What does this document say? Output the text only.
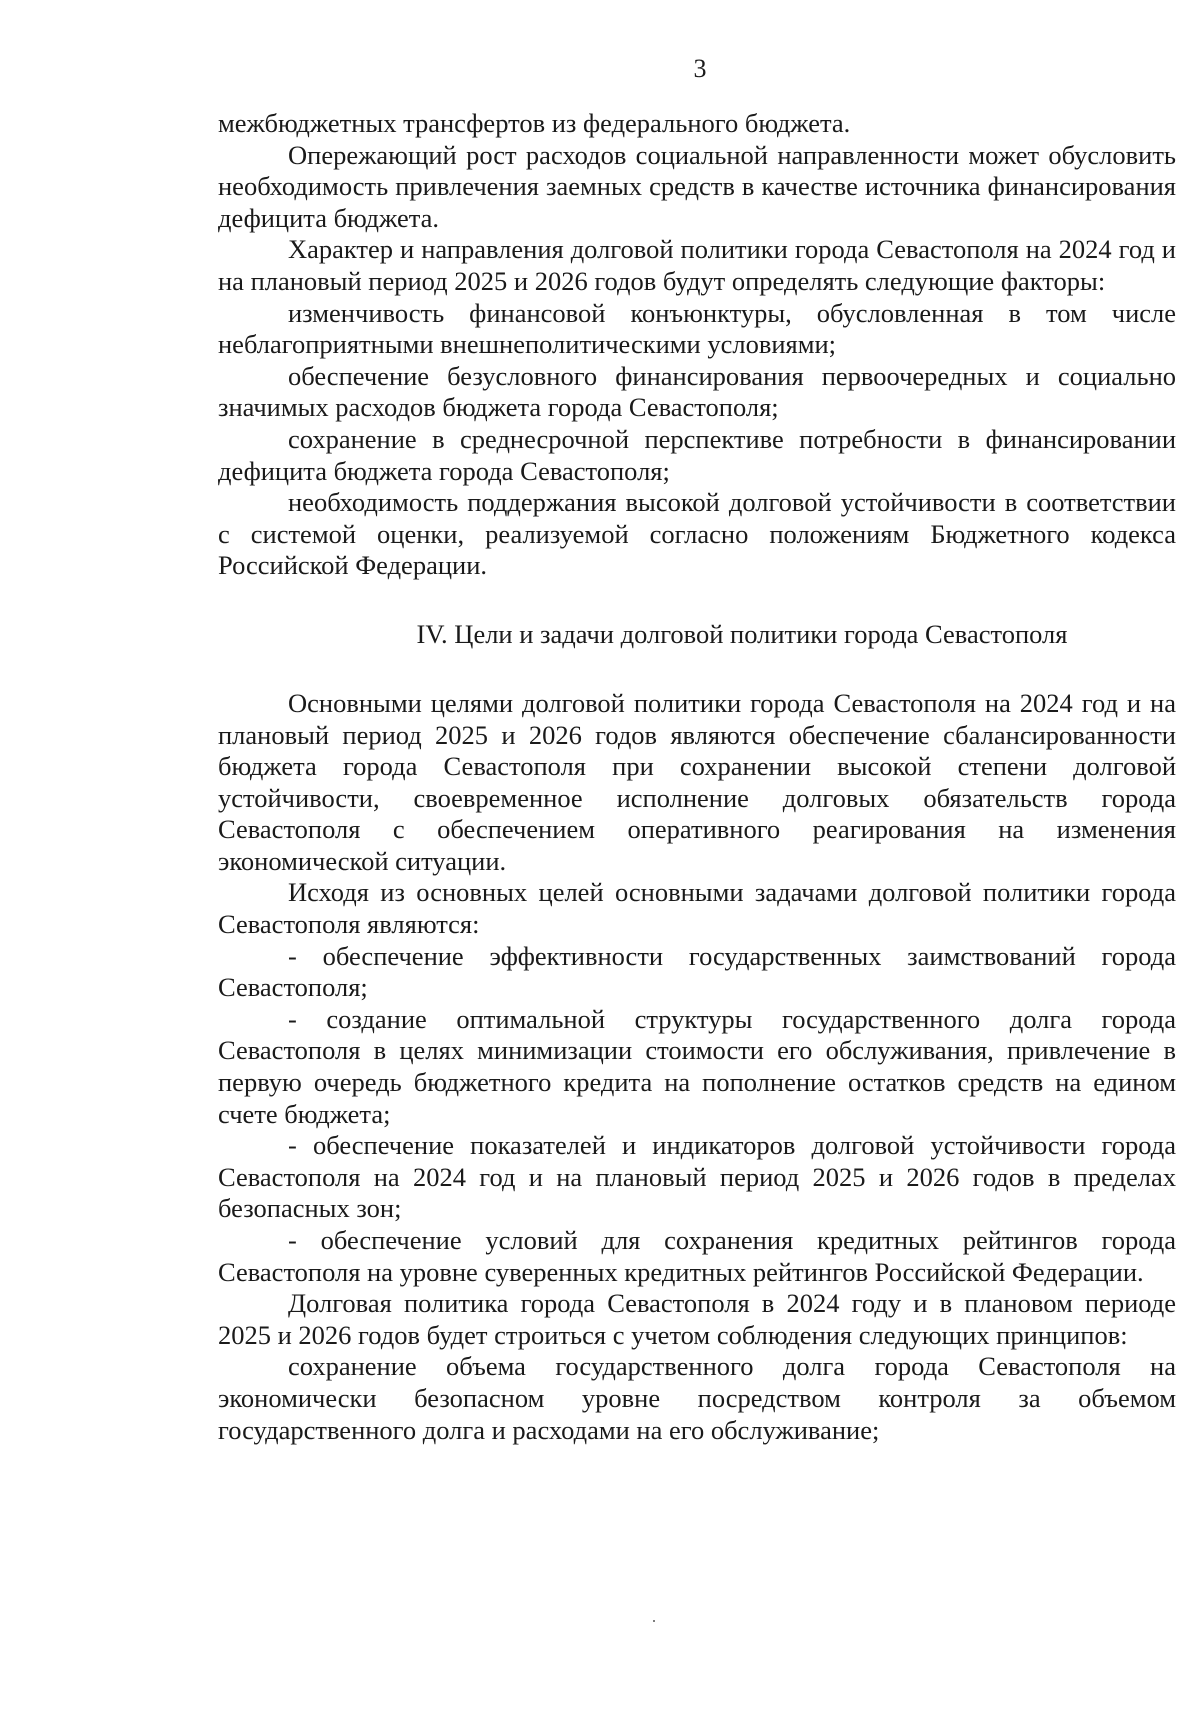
3

межбюджетных трансфертов из федерального бюджета.

Опережающий рост расходов социальной направленности может обусловить необходимость привлечения заемных средств в качестве источника финансирования дефицита бюджета.

Характер и направления долговой политики города Севастополя на 2024 год и на плановый период 2025 и 2026 годов будут определять следующие факторы:

изменчивость финансовой конъюнктуры, обусловленная в том числе неблагоприятными внешнеполитическими условиями;

обеспечение безусловного финансирования первоочередных и социально значимых расходов бюджета города Севастополя;

сохранение в среднесрочной перспективе потребности в финансировании дефицита бюджета города Севастополя;

необходимость поддержания высокой долговой устойчивости в соответствии с системой оценки, реализуемой согласно положениям Бюджетного кодекса Российской Федерации.

IV. Цели и задачи долговой политики города Севастополя

Основными целями долговой политики города Севастополя на 2024 год и на плановый период 2025 и 2026 годов являются обеспечение сбалансированности бюджета города Севастополя при сохранении высокой степени долговой устойчивости, своевременное исполнение долговых обязательств города Севастополя с обеспечением оперативного реагирования на изменения экономической ситуации.

Исходя из основных целей основными задачами долговой политики города Севастополя являются:

- обеспечение эффективности государственных заимствований города Севастополя;

- создание оптимальной структуры государственного долга города Севастополя в целях минимизации стоимости его обслуживания, привлечение в первую очередь бюджетного кредита на пополнение остатков средств на едином счете бюджета;

- обеспечение показателей и индикаторов долговой устойчивости города Севастополя на 2024 год и на плановый период 2025 и 2026 годов в пределах безопасных зон;

- обеспечение условий для сохранения кредитных рейтингов города Севастополя на уровне суверенных кредитных рейтингов Российской Федерации.

Долговая политика города Севастополя в 2024 году и в плановом периоде 2025 и 2026 годов будет строиться с учетом соблюдения следующих принципов:

сохранение объема государственного долга города Севастополя на экономически безопасном уровне посредством контроля за объемом государственного долга и расходами на его обслуживание;
